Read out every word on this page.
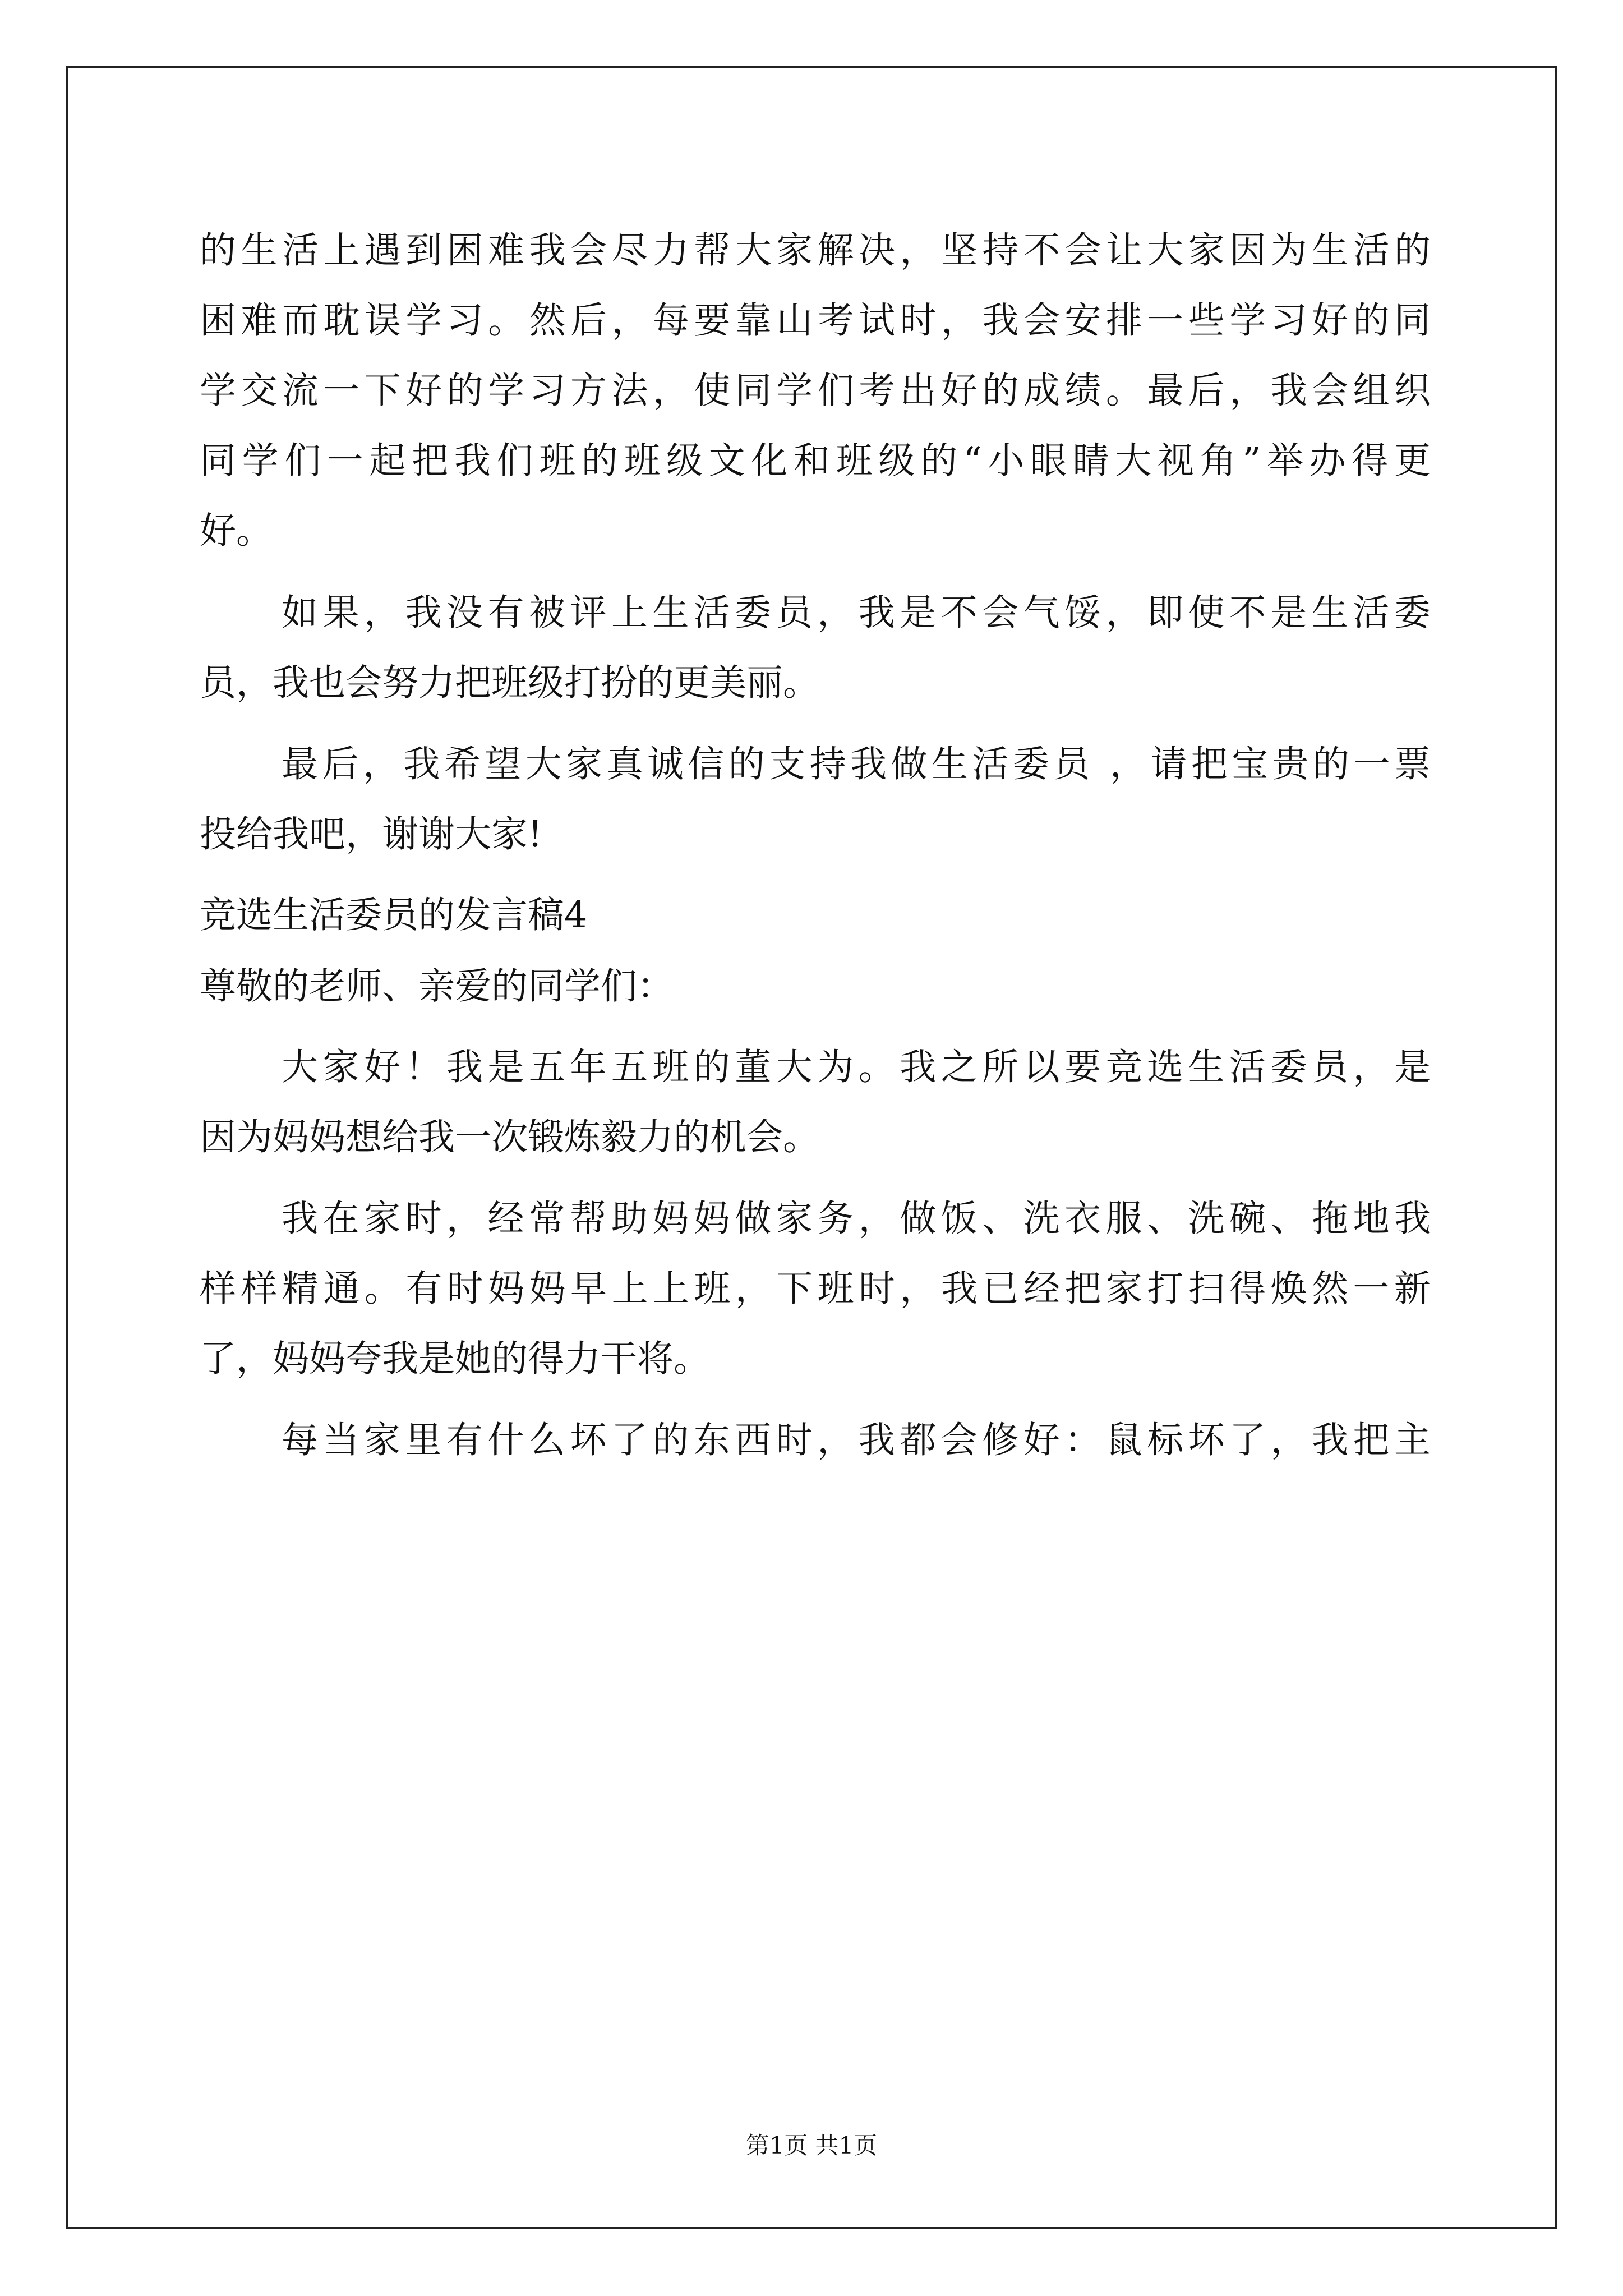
的生活上遇到困难我会尽力帮大家解决，坚持不会让大家因为生活的
困难而耽误学习。然后，每要靠山考试时，我会安排一些学习好的同
学交流一下好的学习方法，使同学们考出好的成绩。最后，我会组织
同学们一起把我们班的班级文化和班级的“小眼睛大视角”举办得更
好。
如果，我没有被评上生活委员，我是不会气馁，即使不是生活委
员，我也会努力把班级打扮的更美丽。
最后，我希望大家真诚信的支持我做生活委员 ，请把宝贵的一票
投给我吧，谢谢大家!
竞选生活委员的发言稿4
尊敬的老师、亲爱的同学们：
大家好！我是五年五班的董大为。我之所以要竞选生活委员，是
因为妈妈想给我一次锻炼毅力的机会。
我在家时，经常帮助妈妈做家务，做饭、洗衣服、洗碗、拖地我
样样精通。有时妈妈早上上班，下班时，我已经把家打扫得焕然一新
了，妈妈夸我是她的得力干将。
每当家里有什么坏了的东西时，我都会修好：鼠标坏了，我把主
第1页 共1页
